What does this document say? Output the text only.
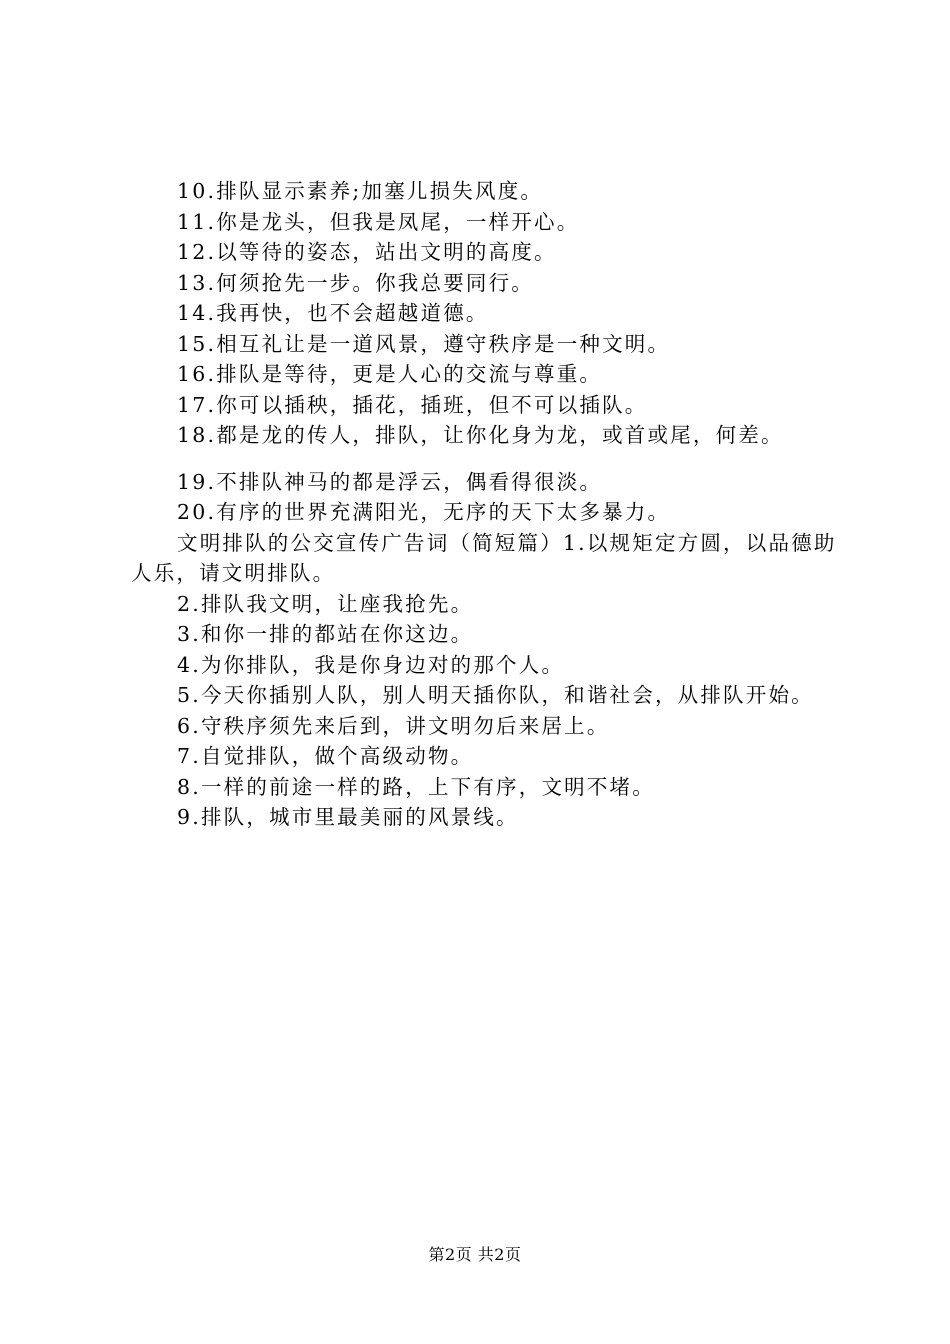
10.排队显示素养;加塞儿损失风度。
11.你是龙头，但我是凤尾，一样开心。
12.以等待的姿态，站出文明的高度。
13.何须抢先一步。你我总要同行。
14.我再快，也不会超越道德。
15.相互礼让是一道风景，遵守秩序是一种文明。
16.排队是等待，更是人心的交流与尊重。
17.你可以插秧，插花，插班，但不可以插队。
18.都是龙的传人，排队，让你化身为龙，或首或尾，何差。
19.不排队神马的都是浮云，偶看得很淡。
20.有序的世界充满阳光，无序的天下太多暴力。
文明排队的公交宣传广告词（简短篇）1.以规矩定方圆，以品德助人乐，请文明排队。
2.排队我文明，让座我抢先。
3.和你一排的都站在你这边。
4.为你排队，我是你身边对的那个人。
5.今天你插别人队，别人明天插你队，和谐社会，从排队开始。
6.守秩序须先来后到，讲文明勿后来居上。
7.自觉排队，做个高级动物。
8.一样的前途一样的路，上下有序，文明不堵。
9.排队，城市里最美丽的风景线。
第2页 共2页
